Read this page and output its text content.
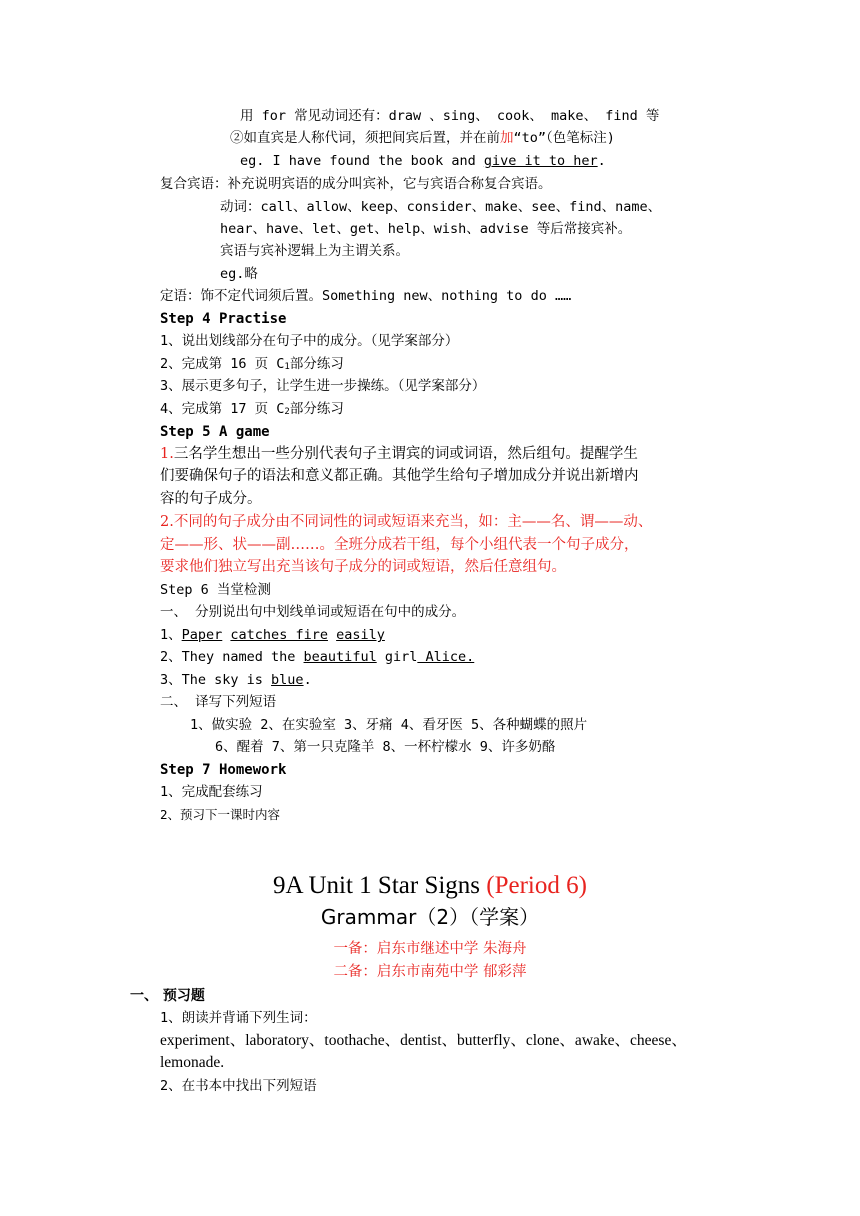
用 for 常见动词还有：draw 、sing、 cook、 make、 find 等
②如直宾是人称代词，须把间宾后置，并在前加“to”（色笔标注)
eg. I have found the book and give it to her.
复合宾语：补充说明宾语的成分叫宾补，它与宾语合称复合宾语。
动词：call、allow、keep、consider、make、see、find、name、
hear、have、let、get、help、wish、advise 等后常接宾补。
宾语与宾补逻辑上为主谓关系。
eg.略
定语：饰不定代词须后置。Something new、nothing to do ……
Step 4 Practise
1、说出划线部分在句子中的成分。（见学案部分）
2、完成第 16 页 $C_1$部分练习
3、展示更多句子，让学生进一步操练。（见学案部分）
4、完成第 17 页 $C_2$部分练习
Step 5 A game
1.三名学生想出一些分别代表句子主谓宾的词或词语，然后组句。提醒学生
们要确保句子的语法和意义都正确。其他学生给句子增加成分并说出新增内
容的句子成分。
2.不同的句子成分由不同词性的词或短语来充当，如：主——名、谓——动、
定——形、状——副……。全班分成若干组，每个小组代表一个句子成分，
要求他们独立写出充当该句子成分的词或短语，然后任意组句。
Step 6 当堂检测
一、 分别说出句中划线单词或短语在句中的成分。
1、Paper catches fire easily
2、They named the beautiful girl Alice.
3、The sky is blue.
二、 译写下列短语
1、做实验 2、在实验室 3、牙痛 4、看牙医 5、各种蝴蝶的照片
6、醒着 7、第一只克隆羊 8、一杯柠檬水 9、许多奶酪
Step 7 Homework
1、完成配套练习
2、预习下一课时内容
9A Unit 1 Star Signs (Period 6)
Grammar（2）（学案）
一备：启东市继述中学 朱海舟
二备：启东市南苑中学 郁彩萍
一、 预习题
1、朗读并背诵下列生词：
experiment、laboratory、toothache、dentist、butterfly、clone、awake、cheese、
lemonade.
2、在书本中找出下列短语
